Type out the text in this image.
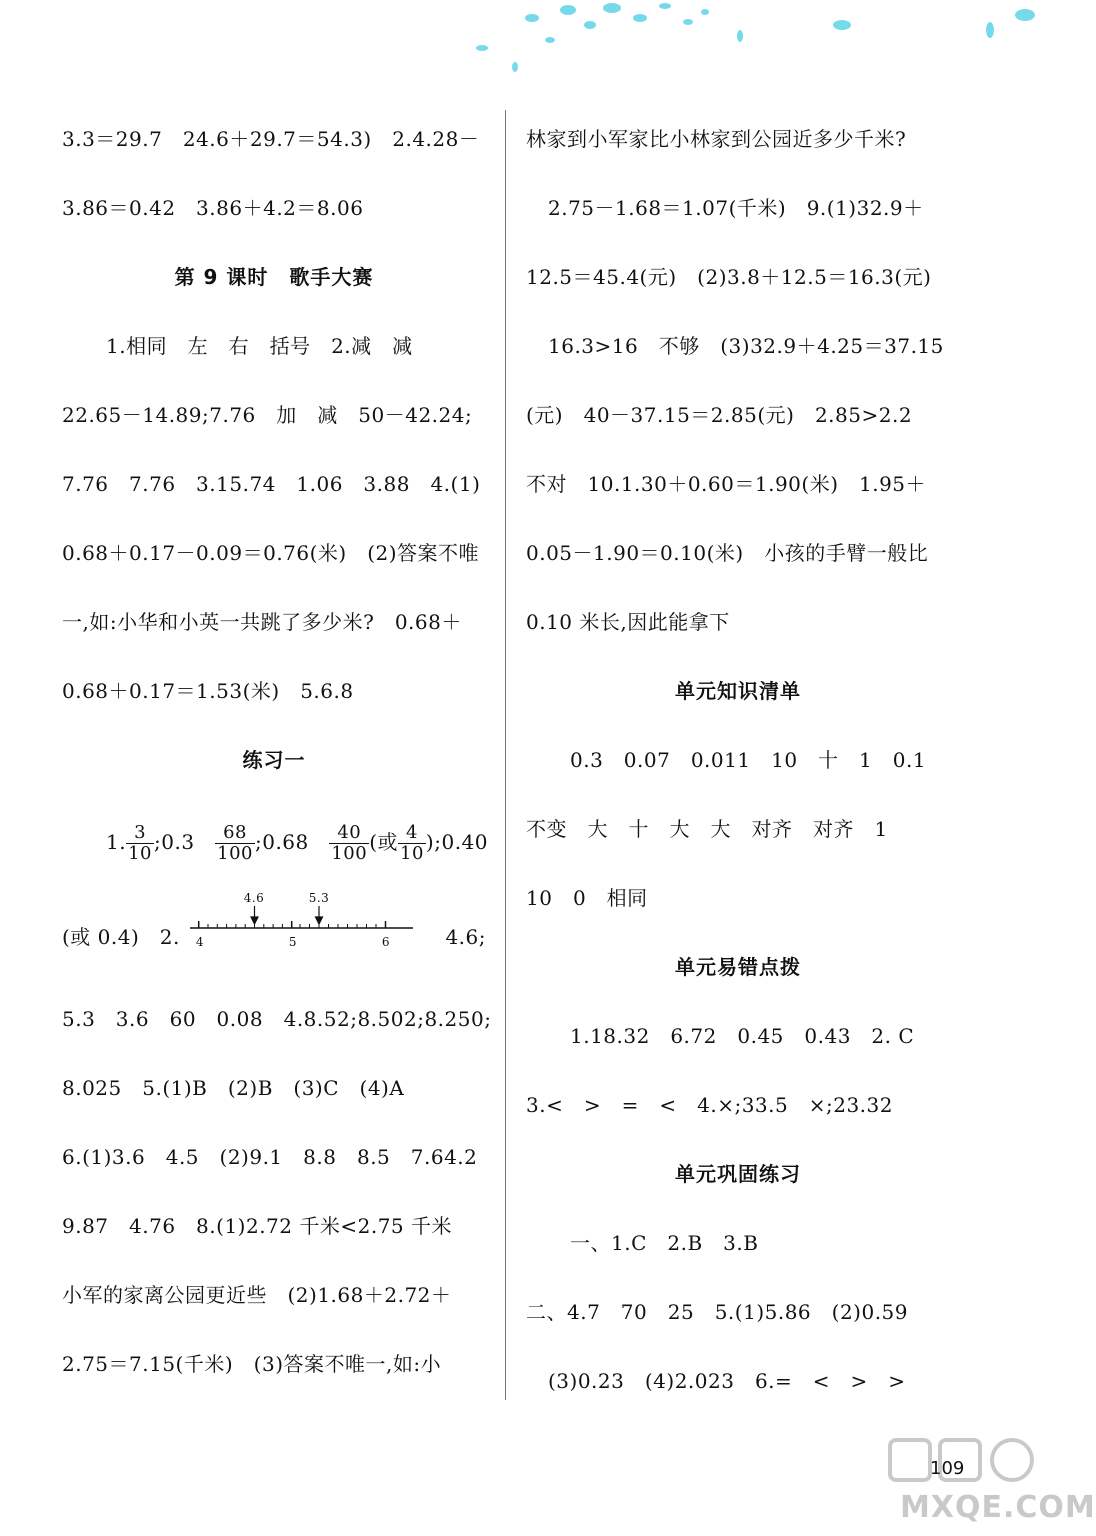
3.3＝29.7　24.6＋29.7＝54.3)　2.4.28－
3.86＝0.42　3.86＋4.2＝8.06
第 9 课时　歌手大赛
1.相同　左　右　括号　2.减　减
22.65－14.89;7.76　加　减　50－42.24;
7.76　7.76　3.15.74　1.06　3.88　4.(1)
0.68＋0.17－0.09＝0.76(米)　(2)答案不唯
一,如:小华和小英一共跳了多少米?　0.68＋
0.68＋0.17＝1.53(米)　5.6.8
练习一
1. $\frac{3}{10}$ ;0.3 $\frac{68}{100}$ ;0.68 $\frac{40}{100}$ (或 $\frac{4}{10}$ );0.40
(或 0.4)　2. 4	5	6
4.6	5.3
4.6;
5.3　3.6　60　0.08　4.8.52;8.502;8.250;
8.025　5.(1)B　(2)B　(3)C　(4)A
6.(1)3.6　4.5　(2)9.1　8.8　8.5　7.64.2
9.87　4.76　8.(1)2.72 千米<2.75 千米
小军的家离公园更近些　(2)1.68＋2.72＋
2.75＝7.15(千米)　(3)答案不唯一,如:小
林家到小军家比小林家到公园近多少千米?
2.75－1.68＝1.07(千米)　9.(1)32.9＋
12.5＝45.4(元)　(2)3.8＋12.5＝16.3(元)
16.3>16　不够　(3)32.9＋4.25＝37.15
(元)　40－37.15＝2.85(元)　2.85>2.2
不对　10.1.30＋0.60＝1.90(米)　1.95＋
0.05－1.90＝0.10(米)　小孩的手臂一般比
0.10 米长,因此能拿下
单元知识清单
0.3　0.07　0.011　10　十　1　0.1
不变　大　十　大　大　对齐　对齐　1
10　0　相同
单元易错点拨
1.18.32　6.72　0.45　0.43　2. C
3.<　>　=　<　4.×;33.5　×;23.32
单元巩固练习
一、1.C　2.B　3.B
二、4.7　70　25　5.(1)5.86　(2)0.59
(3)0.23　(4)2.023　6.=　<　>　>
109
MXQE.COM
